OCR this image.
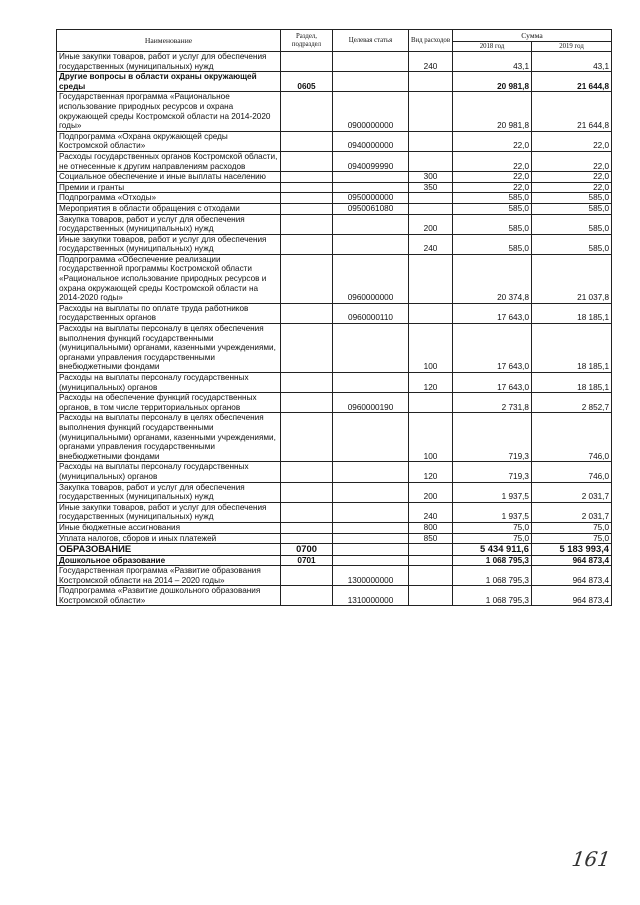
Наименование	Раздел, подраздел	Целевая статья	Вид расходов	Сумма	
				2018 год	2019 год
Иные закупки товаров, работ и услуг для обеспечения государственных (муниципальных) нужд			240	43,1	43,1
Другие вопросы в области охраны окружающей среды	0605			20 981,8	21 644,8
Государственная программа «Рациональное использование природных ресурсов и охрана окружающей среды Костромской области на 2014-2020 годы»		0900000000		20 981,8	21 644,8
Подпрограмма «Охрана окружающей среды Костромской области»		0940000000		22,0	22,0
Расходы государственных органов Костромской области, не отнесенные к другим направлениям расходов		0940099990		22,0	22,0
Социальное обеспечение и иные выплаты населению			300	22,0	22,0
Премии и гранты			350	22,0	22,0
Подпрограмма «Отходы»		0950000000		585,0	585,0
Мероприятия в области обращения с отходами		0950061080		585,0	585,0
Закупка товаров, работ и услуг для обеспечения государственных (муниципальных) нужд			200	585,0	585,0
Иные закупки товаров, работ и услуг для обеспечения государственных (муниципальных) нужд			240	585,0	585,0
Подпрограмма «Обеспечение реализации государственной программы Костромской области «Рациональное использование природных ресурсов и охрана окружающей среды Костромской области на 2014-2020 годы»		0960000000		20 374,8	21 037,8
Расходы на выплаты по оплате труда работников государственных органов		0960000110		17 643,0	18 185,1
Расходы на выплаты персоналу в целях обеспечения выполнения функций государственными (муниципальными) органами, казенными учреждениями, органами управления государственными внебюджетными фондами			100	17 643,0	18 185,1
Расходы на выплаты персоналу государственных (муниципальных) органов			120	17 643,0	18 185,1
Расходы на обеспечение функций государственных органов, в том числе территориальных органов		0960000190		2 731,8	2 852,7
Расходы на выплаты персоналу в целях обеспечения выполнения функций государственными (муниципальными) органами, казенными учреждениями, органами управления государственными внебюджетными фондами			100	719,3	746,0
Расходы на выплаты персоналу государственных (муниципальных) органов			120	719,3	746,0
Закупка товаров, работ и услуг для обеспечения государственных (муниципальных) нужд			200	1 937,5	2 031,7
Иные закупки товаров, работ и услуг для обеспечения государственных (муниципальных) нужд			240	1 937,5	2 031,7
Иные бюджетные ассигнования			800	75,0	75,0
Уплата налогов, сборов и иных платежей			850	75,0	75,0
ОБРАЗОВАНИЕ	0700			5 434 911,6	5 183 993,4
Дошкольное образование	0701			1 068 795,3	964 873,4
Государственная программа «Развитие образования Костромской области на 2014 – 2020 годы»		1300000000		1 068 795,3	964 873,4
Подпрограмма «Развитие дошкольного образования Костромской области»		1310000000		1 068 795,3	964 873,4
161
